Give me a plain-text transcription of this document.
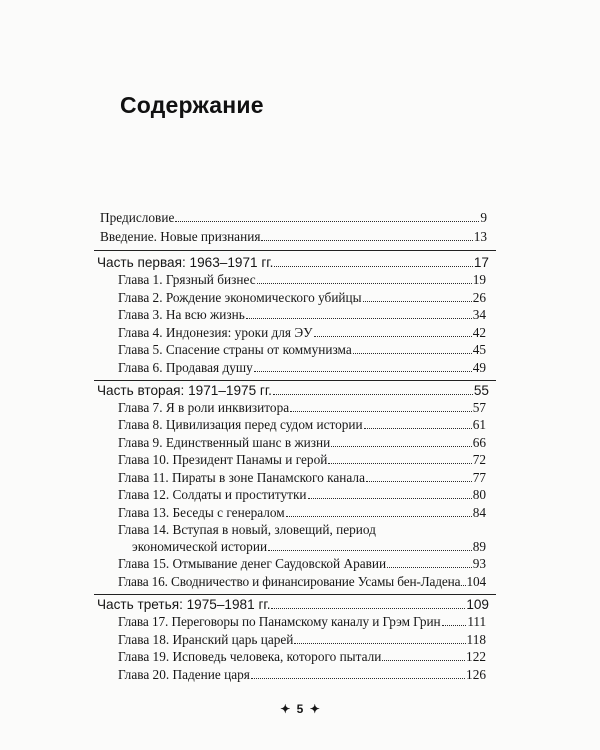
Содержание
Предисловие	9
Введение. Новые признания	13
Часть первая: 1963–1971 гг.	17
Глава 1. Грязный бизнес	19
Глава 2. Рождение экономического убийцы	26
Глава 3. На всю жизнь	34
Глава 4. Индонезия: уроки для ЭУ	42
Глава 5. Спасение страны от коммунизма	45
Глава 6. Продавая душу	49
Часть вторая: 1971–1975 гг.	55
Глава 7. Я в роли инквизитора	57
Глава 8. Цивилизация перед судом истории	61
Глава 9. Единственный шанс в жизни	66
Глава 10. Президент Панамы и герой	72
Глава 11. Пираты в зоне Панамского канала	77
Глава 12. Солдаты и проститутки	80
Глава 13. Беседы с генералом	84
Глава 14. Вступая в новый, зловещий, период
экономической истории	89
Глава 15. Отмывание денег Саудовской Аравии	93
Глава 16. Сводничество и финансирование Усамы бен-Ладена 104
Часть третья: 1975–1981 гг.	109
Глава 17. Переговоры по Панамскому каналу и Грэм Грин 111
Глава 18. Иранский царь царей	118
Глава 19. Исповедь человека, которого пытали	122
Глава 20. Падение царя	126
✦ 5 ✦
